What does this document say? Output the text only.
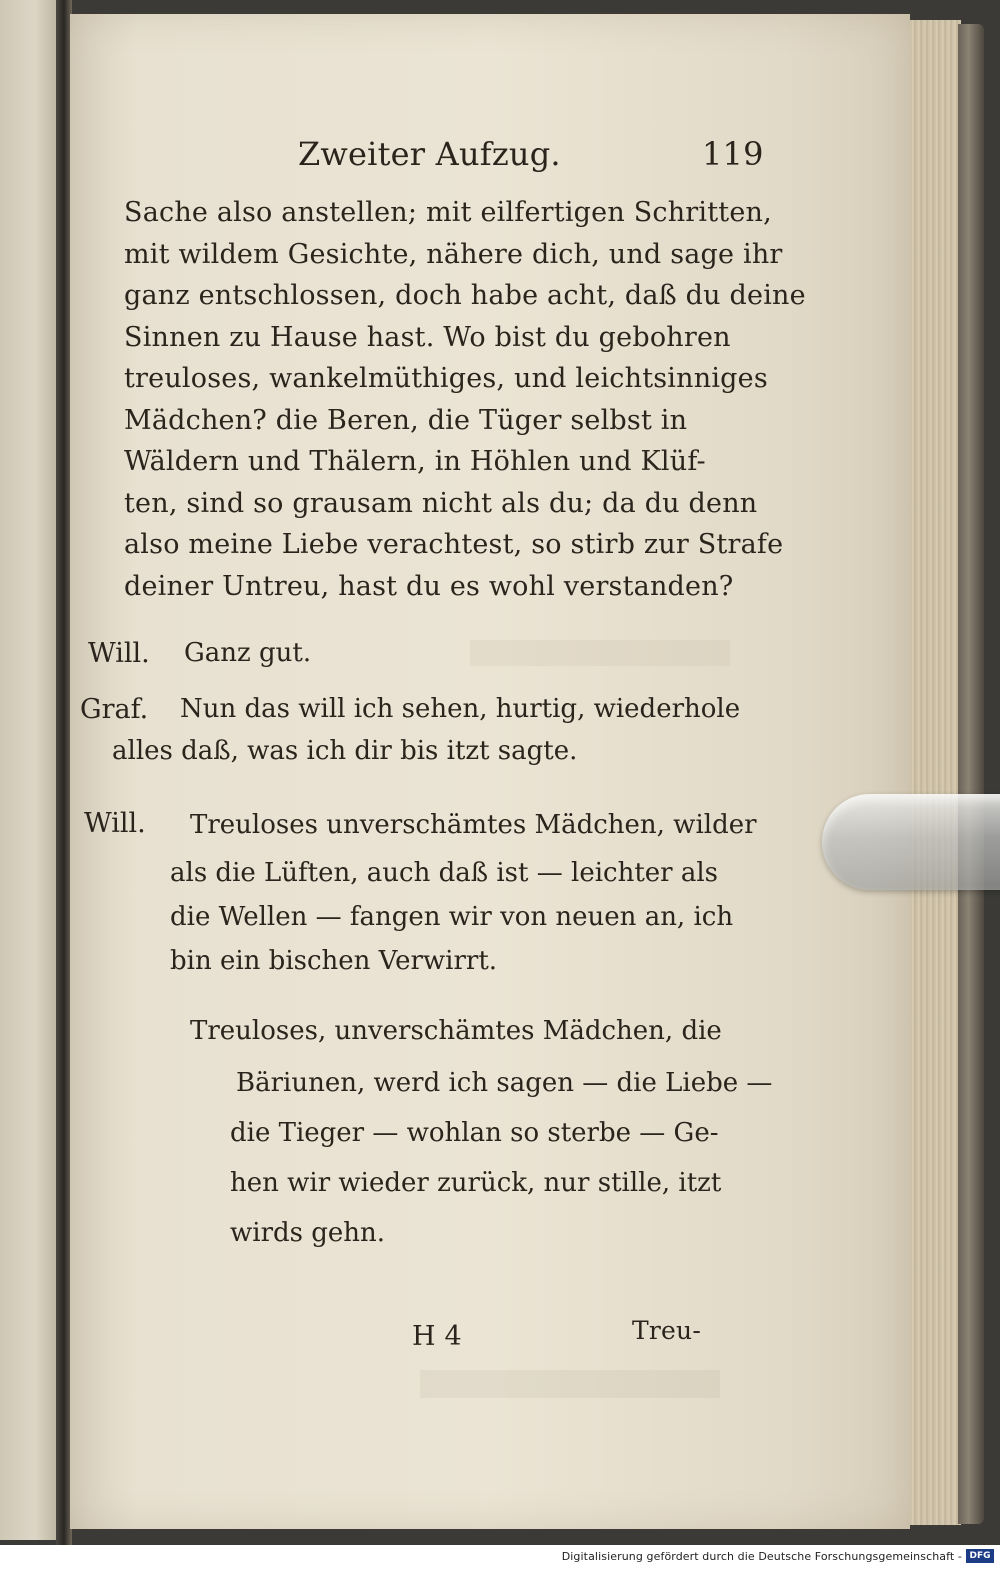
Zweiter Aufzug.	119
Sache also anstellen; mit eilfertigen Schritten,
mit wildem Gesichte, nähere dich, und sage ihr
ganz entschlossen, doch habe acht, daß du deine
Sinnen zu Hause hast. Wo bist du gebohren
treuloses, wankelmüthiges, und leichtsinniges
Mädchen? die Beren, die Tüger selbst in
Wäldern und Thälern, in Höhlen und Klüf-
ten, sind so grausam nicht als du; da du denn
also meine Liebe verachtest, so stirb zur Strafe
deiner Untreu, hast du es wohl verstanden?
Will. Ganz gut.
Graf. Nun das will ich sehen, hurtig, wiederhole
alles daß, was ich dir bis itzt sagte.
Will. Treuloses unverschämtes Mädchen, wilder
als die Lüften, auch daß ist — leichter als
die Wellen — fangen wir von neuen an, ich
bin ein bischen Verwirrt.
Treuloses, unverschämtes Mädchen, die
Bäriunen, werd ich sagen — die Liebe —
die Tieger — wohlan so sterbe — Ge-
hen wir wieder zurück, nur stille, itzt
wirds gehn.
H 4	Treu-
Digitalisierung gefördert durch die Deutsche Forschungsgemeinschaft - DFG
